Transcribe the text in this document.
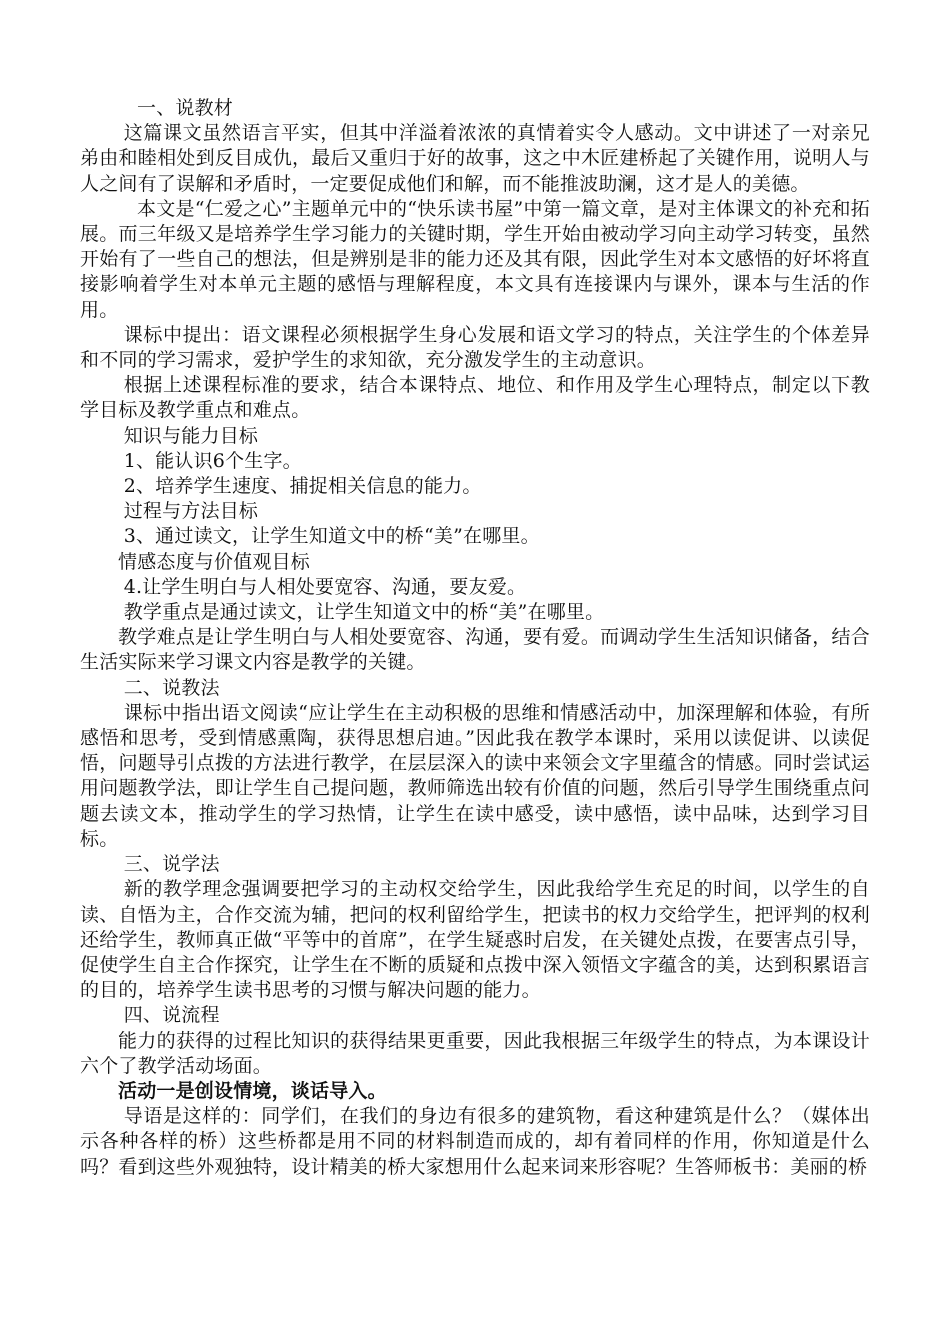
一、说教材

这篇课文虽然语言平实，但其中洋溢着浓浓的真情着实令人感动。文中讲述了一对亲兄弟由和睦相处到反目成仇，最后又重归于好的故事，这之中木匠建桥起了关键作用，说明人与人之间有了误解和矛盾时，一定要促成他们和解，而不能推波助澜，这才是人的美德。

本文是“仁爱之心”主题单元中的“快乐读书屋”中第一篇文章，是对主体课文的补充和拓展。而三年级又是培养学生学习能力的关键时期，学生开始由被动学习向主动学习转变，虽然开始有了一些自己的想法，但是辨别是非的能力还及其有限，因此学生对本文感悟的好坏将直接影响着学生对本单元主题的感悟与理解程度，本文具有连接课内与课外，课本与生活的作用。

课标中提出：语文课程必须根据学生身心发展和语文学习的特点，关注学生的个体差异和不同的学习需求，爱护学生的求知欲，充分激发学生的主动意识。

根据上述课程标准的要求，结合本课特点、地位、和作用及学生心理特点，制定以下教学目标及教学重点和难点。

知识与能力目标

1、能认识6个生字。

2、培养学生速度、捕捉相关信息的能力。

过程与方法目标

3、通过读文，让学生知道文中的桥“美”在哪里。

情感态度与价值观目标

4.让学生明白与人相处要宽容、沟通，要友爱。

教学重点是通过读文，让学生知道文中的桥“美”在哪里。

教学难点是让学生明白与人相处要宽容、沟通，要有爱。而调动学生生活知识储备，结合生活实际来学习课文内容是教学的关键。

二、说教法

课标中指出语文阅读“应让学生在主动积极的思维和情感活动中，加深理解和体验，有所感悟和思考，受到情感熏陶，获得思想启迪。”因此我在教学本课时，采用以读促讲、以读促悟，问题导引点拨的方法进行教学，在层层深入的读中来领会文字里蕴含的情感。同时尝试运用问题教学法，即让学生自己提问题，教师筛选出较有价值的问题，然后引导学生围绕重点问题去读文本，推动学生的学习热情，让学生在读中感受，读中感悟，读中品味，达到学习目标。

三、说学法

新的教学理念强调要把学习的主动权交给学生，因此我给学生充足的时间，以学生的自读、自悟为主，合作交流为辅，把问的权利留给学生，把读书的权力交给学生，把评判的权利还给学生，教师真正做“平等中的首席”，在学生疑惑时启发，在关键处点拨，在要害点引导，促使学生自主合作探究，让学生在不断的质疑和点拨中深入领悟文字蕴含的美，达到积累语言的目的，培养学生读书思考的习惯与解决问题的能力。

四、说流程

能力的获得的过程比知识的获得结果更重要，因此我根据三年级学生的特点，为本课设计六个了教学活动场面。

活动一是创设情境，谈话导入。

导语是这样的：同学们，在我们的身边有很多的建筑物，看这种建筑是什么？（媒体出示各种各样的桥）这些桥都是用不同的材料制造而成的，却有着同样的作用，你知道是什么吗？看到这些外观独特，设计精美的桥大家想用什么起来词来形容呢？生答师板书：美丽的桥
